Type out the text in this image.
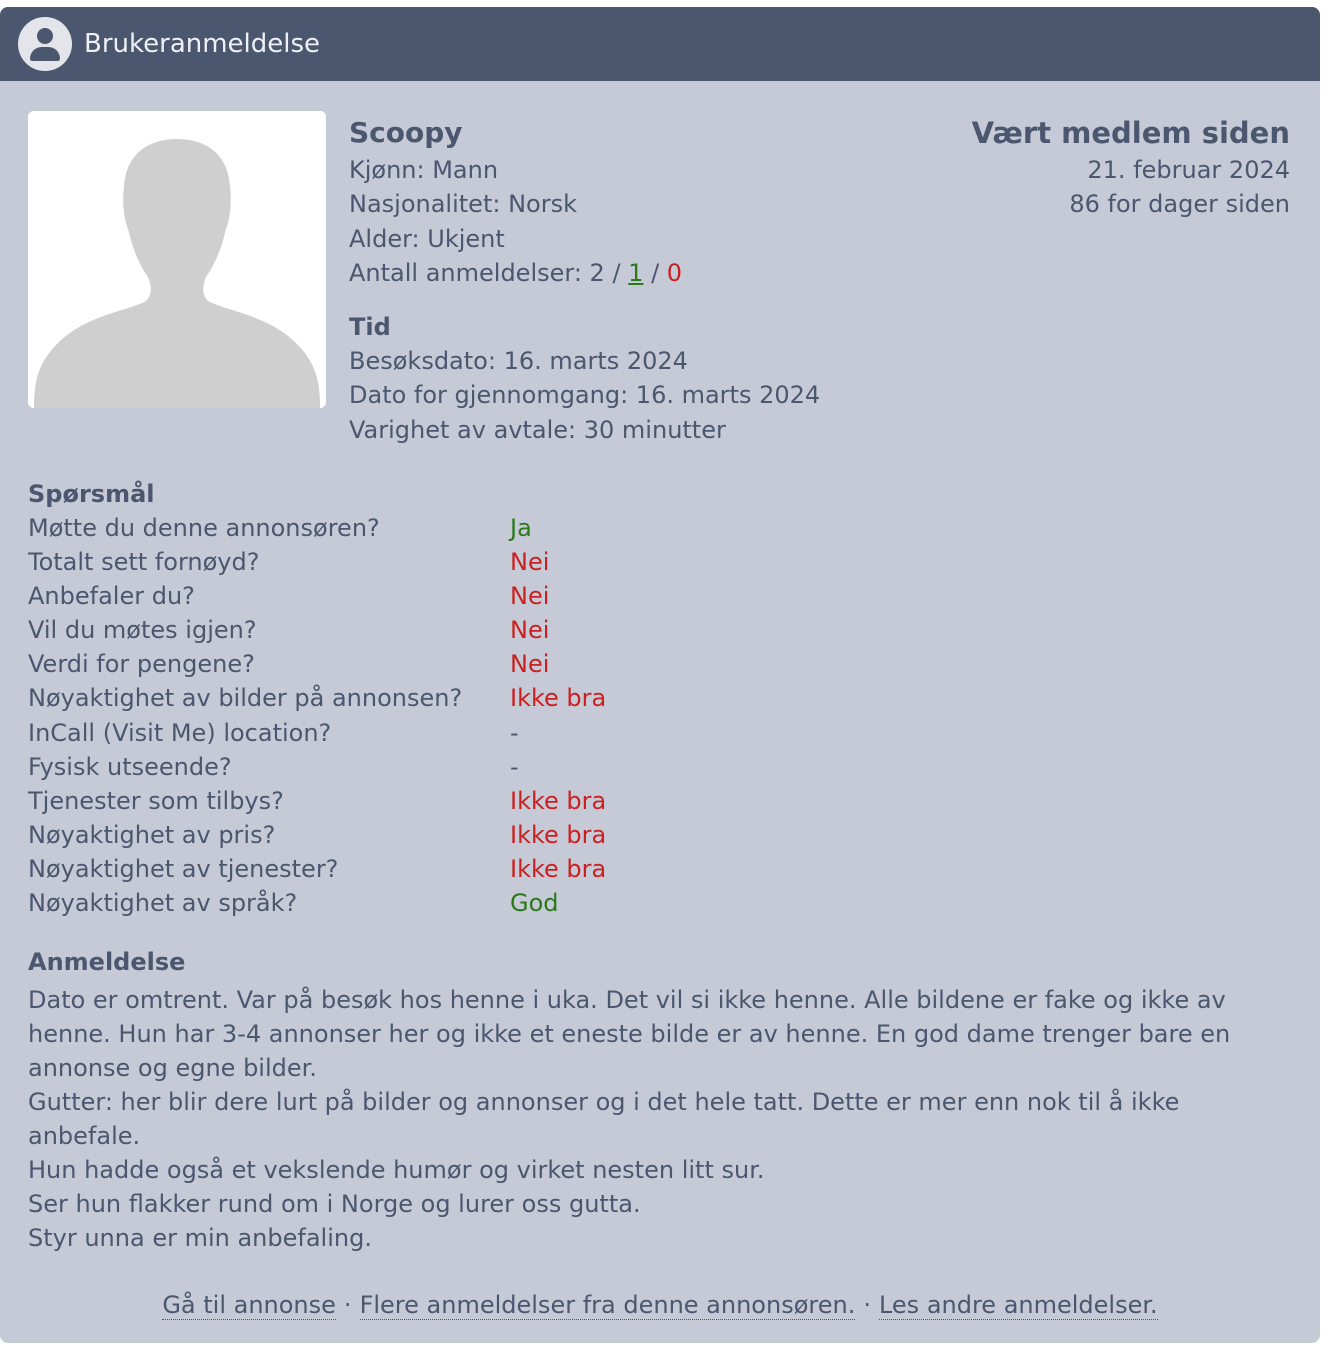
Brukeranmeldelse
Scoopy
Kjønn: Mann
Nasjonalitet: Norsk
Alder: Ukjent
Antall anmeldelser: 2 / 1 / 0
Tid
Besøksdato: 16. marts 2024
Dato for gjennomgang: 16. marts 2024
Varighet av avtale: 30 minutter
Vært medlem siden
21. februar 2024
86 for dager siden
Spørsmål
Møtte du denne annonsøren?	Ja
Totalt sett fornøyd?	Nei
Anbefaler du?	Nei
Vil du møtes igjen?	Nei
Verdi for pengene?	Nei
Nøyaktighet av bilder på annonsen?	Ikke bra
InCall (Visit Me) location?	-
Fysisk utseende?	-
Tjenester som tilbys?	Ikke bra
Nøyaktighet av pris?	Ikke bra
Nøyaktighet av tjenester?	Ikke bra
Nøyaktighet av språk?	God
Anmeldelse

Dato er omtrent. Var på besøk hos henne i uka. Det vil si ikke henne. Alle bildene er fake og ikke av henne. Hun har 3-4 annonser her og ikke et eneste bilde er av henne. En god dame trenger bare en annonse og egne bilder.

Gutter: her blir dere lurt på bilder og annonser og i det hele tatt. Dette er mer enn nok til å ikke anbefale.

Hun hadde også et vekslende humør og virket nesten litt sur.

Ser hun flakker rund om i Norge og lurer oss gutta.

Styr unna er min anbefaling.

Gå til annonse · Flere anmeldelser fra denne annonsøren. · Les andre anmeldelser.
